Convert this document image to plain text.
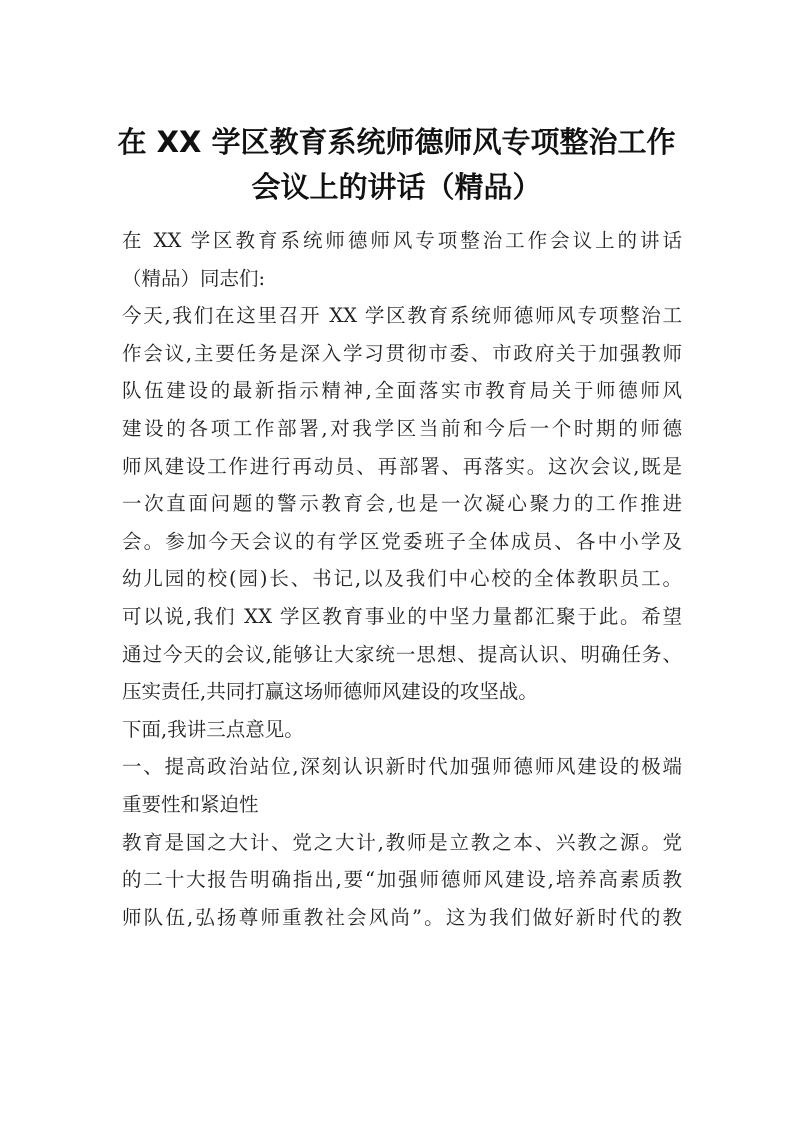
在 XX 学区教育系统师德师风专项整治工作
会议上的讲话（精品）
在 XX 学区教育系统师德师风专项整治工作会议上的讲话
（精品）同志们:
今天,我们在这里召开 XX 学区教育系统师德师风专项整治工
作会议,主要任务是深入学习贯彻市委、市政府关于加强教师
队伍建设的最新指示精神,全面落实市教育局关于师德师风
建设的各项工作部署,对我学区当前和今后一个时期的师德
师风建设工作进行再动员、再部署、再落实。这次会议,既是
一次直面问题的警示教育会,也是一次凝心聚力的工作推进
会。参加今天会议的有学区党委班子全体成员、各中小学及
幼儿园的校(园)长、书记,以及我们中心校的全体教职员工。
可以说,我们 XX 学区教育事业的中坚力量都汇聚于此。希望
通过今天的会议,能够让大家统一思想、提高认识、明确任务、
压实责任,共同打赢这场师德师风建设的攻坚战。
下面,我讲三点意见。
一、提高政治站位,深刻认识新时代加强师德师风建设的极端
重要性和紧迫性
教育是国之大计、党之大计,教师是立教之本、兴教之源。党
的二十大报告明确指出,要“加强师德师风建设,培养高素质教
师队伍,弘扬尊师重教社会风尚”。这为我们做好新时代的教
